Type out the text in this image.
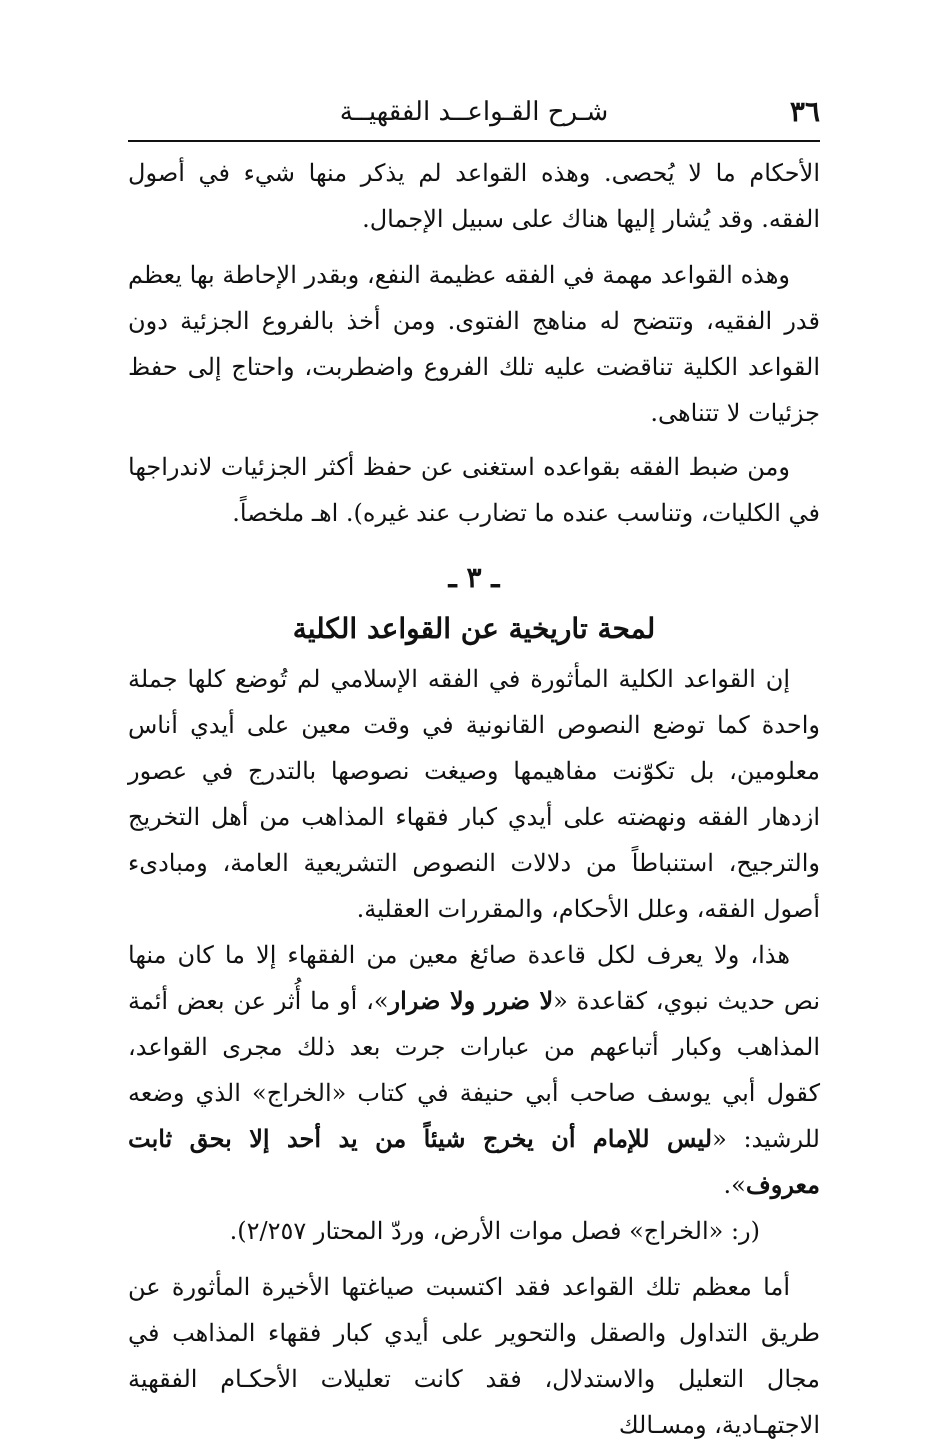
٣٦
شـرح القـواعــد الفقهيــة

الأحكام ما لا يُحصى. وهذه القواعد لم يذكر منها شيء في أصول الفقه. وقد يُشار إليها هناك على سبيل الإجمال.

وهذه القواعد مهمة في الفقه عظيمة النفع، وبقدر الإحاطة بها يعظم قدر الفقيه، وتتضح له مناهج الفتوى. ومن أخذ بالفروع الجزئية دون القواعد الكلية تناقضت عليه تلك الفروع واضطربت، واحتاج إلى حفظ جزئيات لا تتناهى.

ومن ضبط الفقه بقواعده استغنى عن حفظ أكثر الجزئيات لاندراجها في الكليات، وتناسب عنده ما تضارب عند غيره). اهـ ملخصاً.

ـ ٣ ـ
لمحة تاريخية عن القواعد الكلية

إن القواعد الكلية المأثورة في الفقه الإسلامي لم تُوضع كلها جملة واحدة كما توضع النصوص القانونية في وقت معين على أيدي أناس معلومين، بل تكوّنت مفاهيمها وصيغت نصوصها بالتدرج في عصور ازدهار الفقه ونهضته على أيدي كبار فقهاء المذاهب من أهل التخريج والترجيح، استنباطاً من دلالات النصوص التشريعية العامة، ومبادىء أصول الفقه، وعلل الأحكام، والمقررات العقلية.

هذا، ولا يعرف لكل قاعدة صائغ معين من الفقهاء إلا ما كان منها نص حديث نبوي، كقاعدة «لا ضرر ولا ضرار»، أو ما أُثر عن بعض أئمة المذاهب وكبار أتباعهم من عبارات جرت بعد ذلك مجرى القواعد، كقول أبي يوسف صاحب أبي حنيفة في كتاب «الخراج» الذي وضعه للرشيد: «ليس للإمام أن يخرج شيئاً من يد أحد إلا بحق ثابت معروف».

(ر: «الخراج» فصل موات الأرض، وردّ المحتار ٢/٢٥٧).

أما معظم تلك القواعد فقد اكتسبت صياغتها الأخيرة المأثورة عن طريق التداول والصقل والتحوير على أيدي كبار فقهاء المذاهب في مجال التعليل والاستدلال، فقد كانت تعليلات الأحكـام الفقهية الاجتهـادية، ومسـالك
